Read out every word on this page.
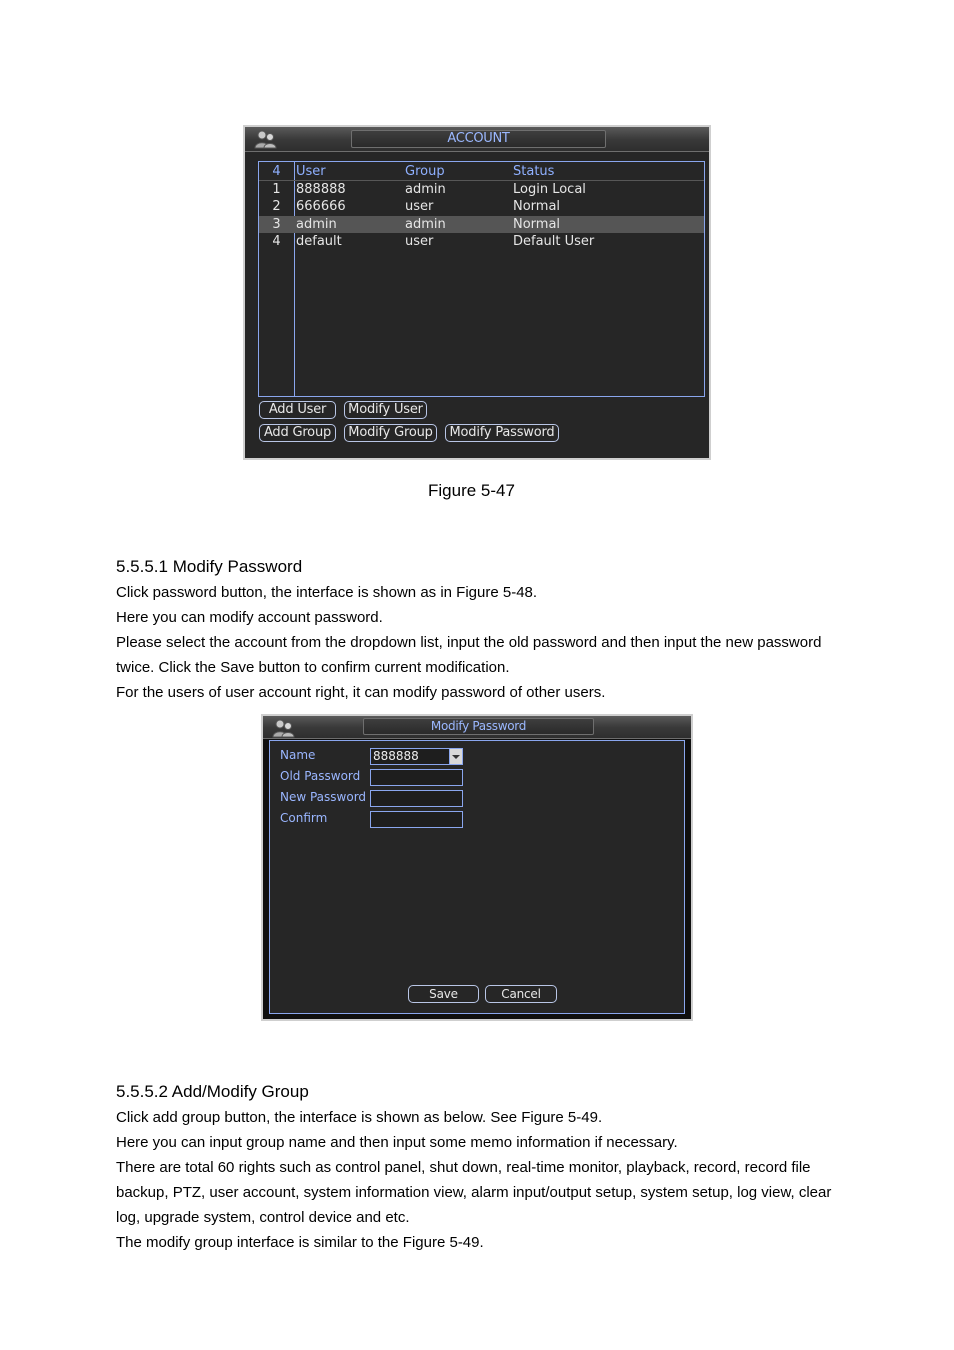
ACCOUNT
4	User	Group	Status
1	888888	admin	Login Local
2	666666	user	Normal
3	admin	admin	Normal
4	default	user	Default User
Add User	Modify User
Add Group	Modify Group	Modify Password
Figure 5-47
5.5.5.1 Modify Password

Click password button, the interface is shown as in Figure 5-48.

Here you can modify account password.

Please select the account from the dropdown list, input the old password and then input the new password twice. Click the Save button to confirm current modification.

For the users of user account right, it can modify password of other users.

Modify Password
Name	888888
Old Password
New Password
Confirm
Save	Cancel
5.5.5.2 Add/Modify Group

Click add group button, the interface is shown as below. See Figure 5-49.

Here you can input group name and then input some memo information if necessary.

There are total 60 rights such as control panel, shut down, real-time monitor, playback, record, record file backup, PTZ, user account, system information view, alarm input/output setup, system setup, log view, clear log, upgrade system, control device and etc.

The modify group interface is similar to the Figure 5-49.
